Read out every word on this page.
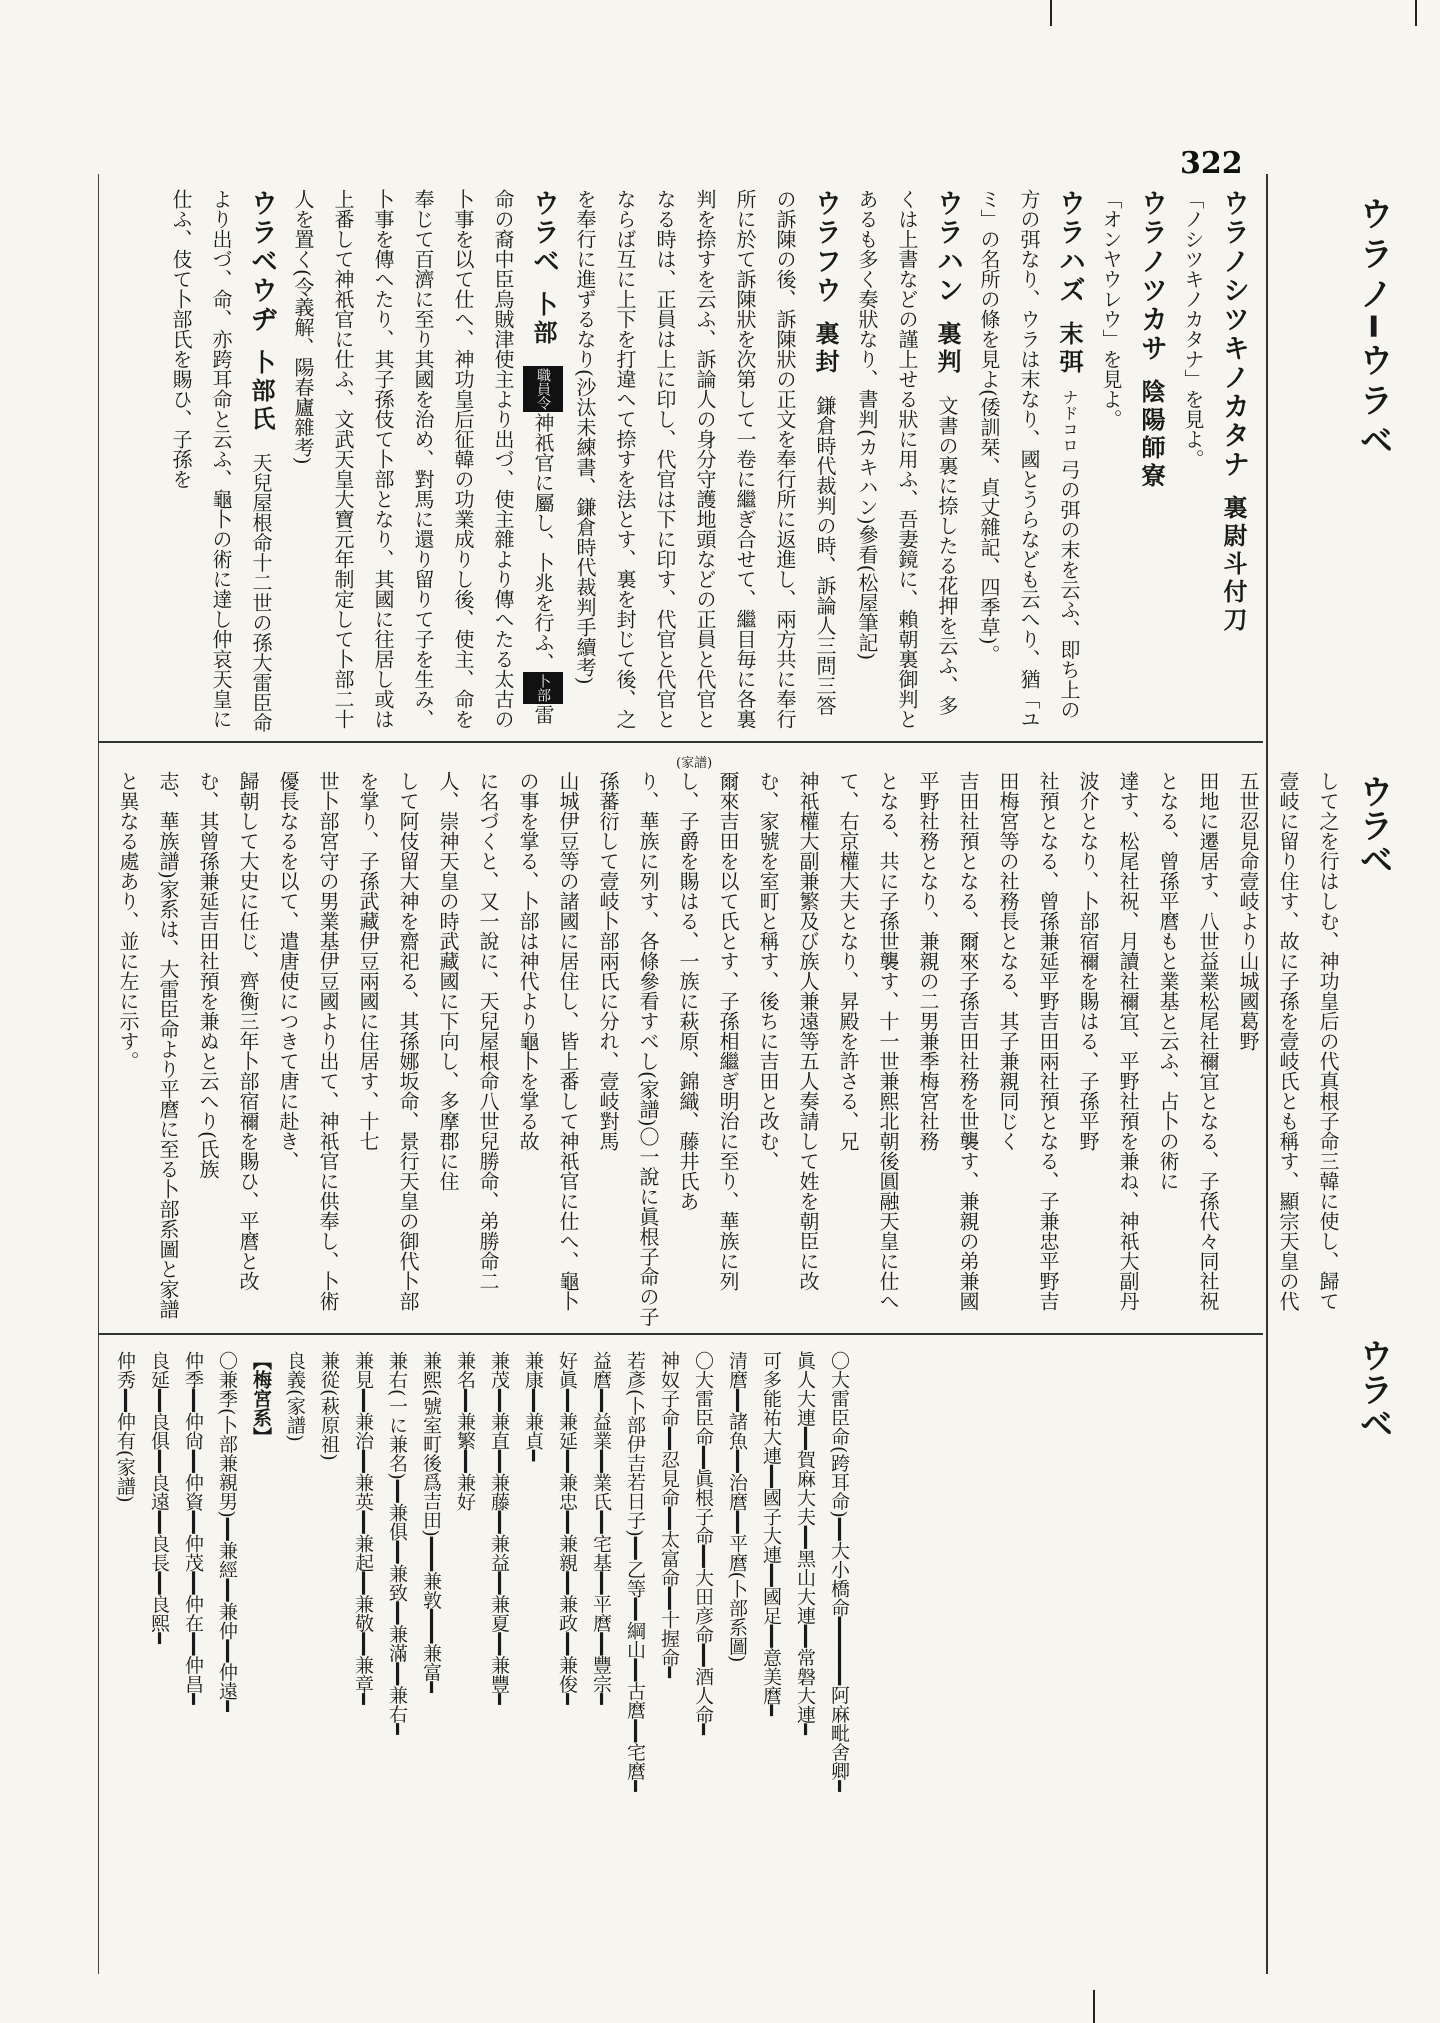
322
ウラノ━ウラベ
ウラベ
ウラベ
ウラノシツキノカタナ裏尉斗付刀
「ノシツキノカタナ」を見よ。
ウラノツカサ陰陽師寮
「オンヤウレウ」を見よ。
ウラハズ末弭ナドコロ 弓の弭の末を云ふ、即ち上の方の弭なり、ウラは末なり、國とうらなども云へり、猶「ユミ」の名所の條を見よ(倭訓栞、貞丈雜記、四季草)。
ウラハン裏判 文書の裏に捺したる花押を云ふ、多くは上書などの謹上せる狀に用ふ、吾妻鏡に、賴朝裏御判とあるも多く奏狀なり、書判(カキハン)參看(松屋筆記)
ウラフウ裏封 鎌倉時代裁判の時、訴論人三問三答の訴陳の後、訴陳狀の正文を奉行所に返進し、兩方共に奉行所に於て訴陳狀を次第して一卷に繼ぎ合せて、繼目毎に各裏判を捺すを云ふ、訴論人の身分守護地頭などの正員と代官となる時は、正員は上に印し、代官は下に印す、代官と代官とならば互に上下を打違へて捺すを法とす、裏を封じて後、之を奉行に進ずるなり(沙汰未練書、鎌倉時代裁判手續考)
ウラベ卜部 職員令神祇官に屬し、卜兆を行ふ、卜部雷命の裔中臣烏賊津使主より出づ、使主雜より傳へたる太古の卜事を以て仕へ、神功皇后征韓の功業成りし後、使主、命を奉じて百濟に至り其國を治め、對馬に還り留りて子を生み、卜事を傳へたり、其子孫伎て卜部となり、其國に往居し或は上番して神祇官に仕ふ、文武天皇大寶元年制定して卜部二十人を置く(令義解、陽春廬雜考)
ウラベウヂ卜部氏 天兒屋根命十二世の孫大雷臣命より出づ、命、亦跨耳命と云ふ、龜卜の術に達し仲哀天皇に仕ふ、伎て卜部氏を賜ひ、子孫を
(家譜)
して之を行はしむ、神功皇后の代真根子命三韓に使し、歸て壹岐に留り住す、故に子孫を壹岐氏とも稱す、顯宗天皇の代五世忍見命壹岐より山城國葛野
田地に遷居す、八世益業松尾社禰宜となる、子孫代々同社祝となる、曾孫平麿もと業基と云ふ、占卜の術に
達す、松尾社祝、月讀社禰宜、平野社預を兼ね、神祇大副丹波介となり、卜部宿禰を賜はる、子孫平野
社預となる、曾孫兼延平野吉田兩社預となる、子兼忠平野吉田梅宮等の社務長となる、其子兼親同じく
吉田社預となる、爾來子孫吉田社務を世襲す、兼親の弟兼國平野社務となり、兼親の二男兼季梅宮社務
となる、共に子孫世襲す、十一世兼熙北朝後圓融天皇に仕へて、右京權大夫となり、昇殿を許さる、兄
神祇權大副兼繁及び族人兼遠等五人奏請して姓を朝臣に改む、家號を室町と稱す、後ちに吉田と改む、
爾來吉田を以て氏とす、子孫相繼ぎ明治に至り、華族に列し、子爵を賜はる、一族に萩原、錦織、藤井氏あ
り、華族に列す、各條參看すべし(家譜)〇一說に眞根子命の子孫蕃衍して壹岐卜部兩氏に分れ、壹岐對馬
山城伊豆等の諸國に居住し、皆上番して神祇官に仕へ、龜卜の事を掌る、卜部は神代より龜卜を掌る故
に名づくと、又一說に、天兒屋根命八世兒勝命、弟勝命二人、崇神天皇の時武藏國に下向し、多摩郡に住
して阿伎留大神を齋祀る、其孫娜坂命、景行天皇の御代卜部を掌り、子孫武藏伊豆兩國に住居す、十七
世卜部宮守の男業基伊豆國より出て、神祇官に供奉し、卜術優長なるを以て、遣唐使につきて唐に赴き、
歸朝して大史に任じ、齊衡三年卜部宿禰を賜ひ、平麿と改む、其曾孫兼延吉田社預を兼ぬと云へり(氏族
志、華族譜)家系は、大雷臣命より平麿に至る卜部系圖と家譜と異なる處あり、並に左に示す。
〇大雷臣命(跨耳命)━━大小橋命━━━━━━阿麻毗舍卿━
眞人大連━━賀麻大夫━━黑山大連━━常磐大連━
可多能祐大連━━國子大連━━國足━━意美麿━
清麿━━諸魚━━治麿━━平麿(卜部系圖)
〇大雷臣命━━眞根子命━━大田彦命━━酒人命━
神奴子命━━忍見命━━太富命━━十握命━
若彥(卜部伊吉若日子)━━乙等━━綱山━━古麿━━宅麿━
益麿━━益業━━業氏━━宅基━━平麿━━豐宗━
好眞━━兼延━━兼忠━━兼親━━兼政━━兼俊━
兼康━━兼貞━
兼茂━━兼直━━兼藤━━兼益━━兼夏━━兼豐━
兼名━━兼繁━━兼好
兼熙(號室町後爲吉田)━━━兼敦━━━兼富━
兼右(一に兼名)━━兼俱━━兼致━━兼滿━━兼右━
兼見━━兼治━━兼英━━兼起━━兼敬━━兼章━
兼從(萩原祖)
良義(家譜)
【梅宮系】
〇兼季(卜部兼親男)━━兼經━━兼仲━━仲遠━
仲季━━仲尙━━仲資━━仲茂━━仲在━━仲昌━
良延━━良俱━━良遠━━良長━━良熙━
仲秀━━仲有(家譜)
